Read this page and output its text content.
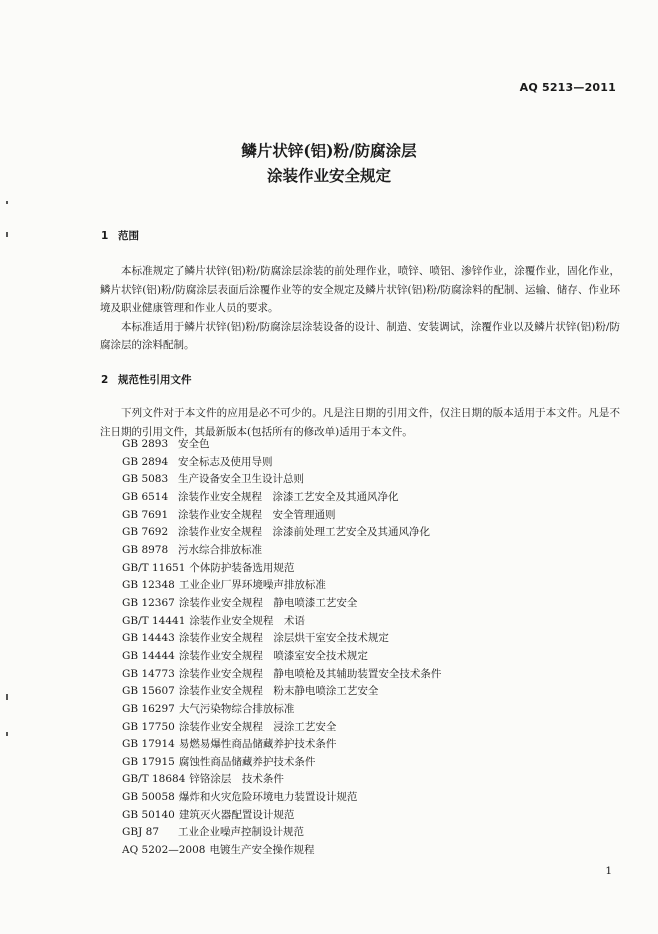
AQ 5213—2011
鳞片状锌(铝)粉/防腐涂层
涂装作业安全规定
1 范围

本标准规定了鳞片状锌(铝)粉/防腐涂层涂装的前处理作业，喷锌、喷铝、渗锌作业，涂覆作业，固化作业，鳞片状锌(铝)粉/防腐涂层表面后涂覆作业等的安全规定及鳞片状锌(铝)粉/防腐涂料的配制、运输、储存、作业环境及职业健康管理和作业人员的要求。

本标准适用于鳞片状锌(铝)粉/防腐涂层涂装设备的设计、制造、安装调试，涂覆作业以及鳞片状锌(铝)粉/防腐涂层的涂料配制。

2 规范性引用文件

下列文件对于本文件的应用是必不可少的。凡是注日期的引用文件，仅注日期的版本适用于本文件。凡是不注日期的引用文件，其最新版本(包括所有的修改单)适用于本文件。

GB 2893 安全色
GB 2894 安全标志及使用导则
GB 5083 生产设备安全卫生设计总则
GB 6514 涂装作业安全规程　涂漆工艺安全及其通风净化
GB 7691 涂装作业安全规程　安全管理通则
GB 7692 涂装作业安全规程　涂漆前处理工艺安全及其通风净化
GB 8978 污水综合排放标准
GB/T 11651 个体防护装备选用规范
GB 12348 工业企业厂界环境噪声排放标准
GB 12367 涂装作业安全规程　静电喷漆工艺安全
GB/T 14441 涂装作业安全规程　术语
GB 14443 涂装作业安全规程　涂层烘干室安全技术规定
GB 14444 涂装作业安全规程　喷漆室安全技术规定
GB 14773 涂装作业安全规程　静电喷枪及其辅助装置安全技术条件
GB 15607 涂装作业安全规程　粉末静电喷涂工艺安全
GB 16297 大气污染物综合排放标准
GB 17750 涂装作业安全规程　浸涂工艺安全
GB 17914 易燃易爆性商品储藏养护技术条件
GB 17915 腐蚀性商品储藏养护技术条件
GB/T 18684 锌铬涂层　技术条件
GB 50058 爆炸和火灾危险环境电力装置设计规范
GB 50140 建筑灭火器配置设计规范
GBJ 87 工业企业噪声控制设计规范
AQ 5202—2008 电镀生产安全操作规程
1
